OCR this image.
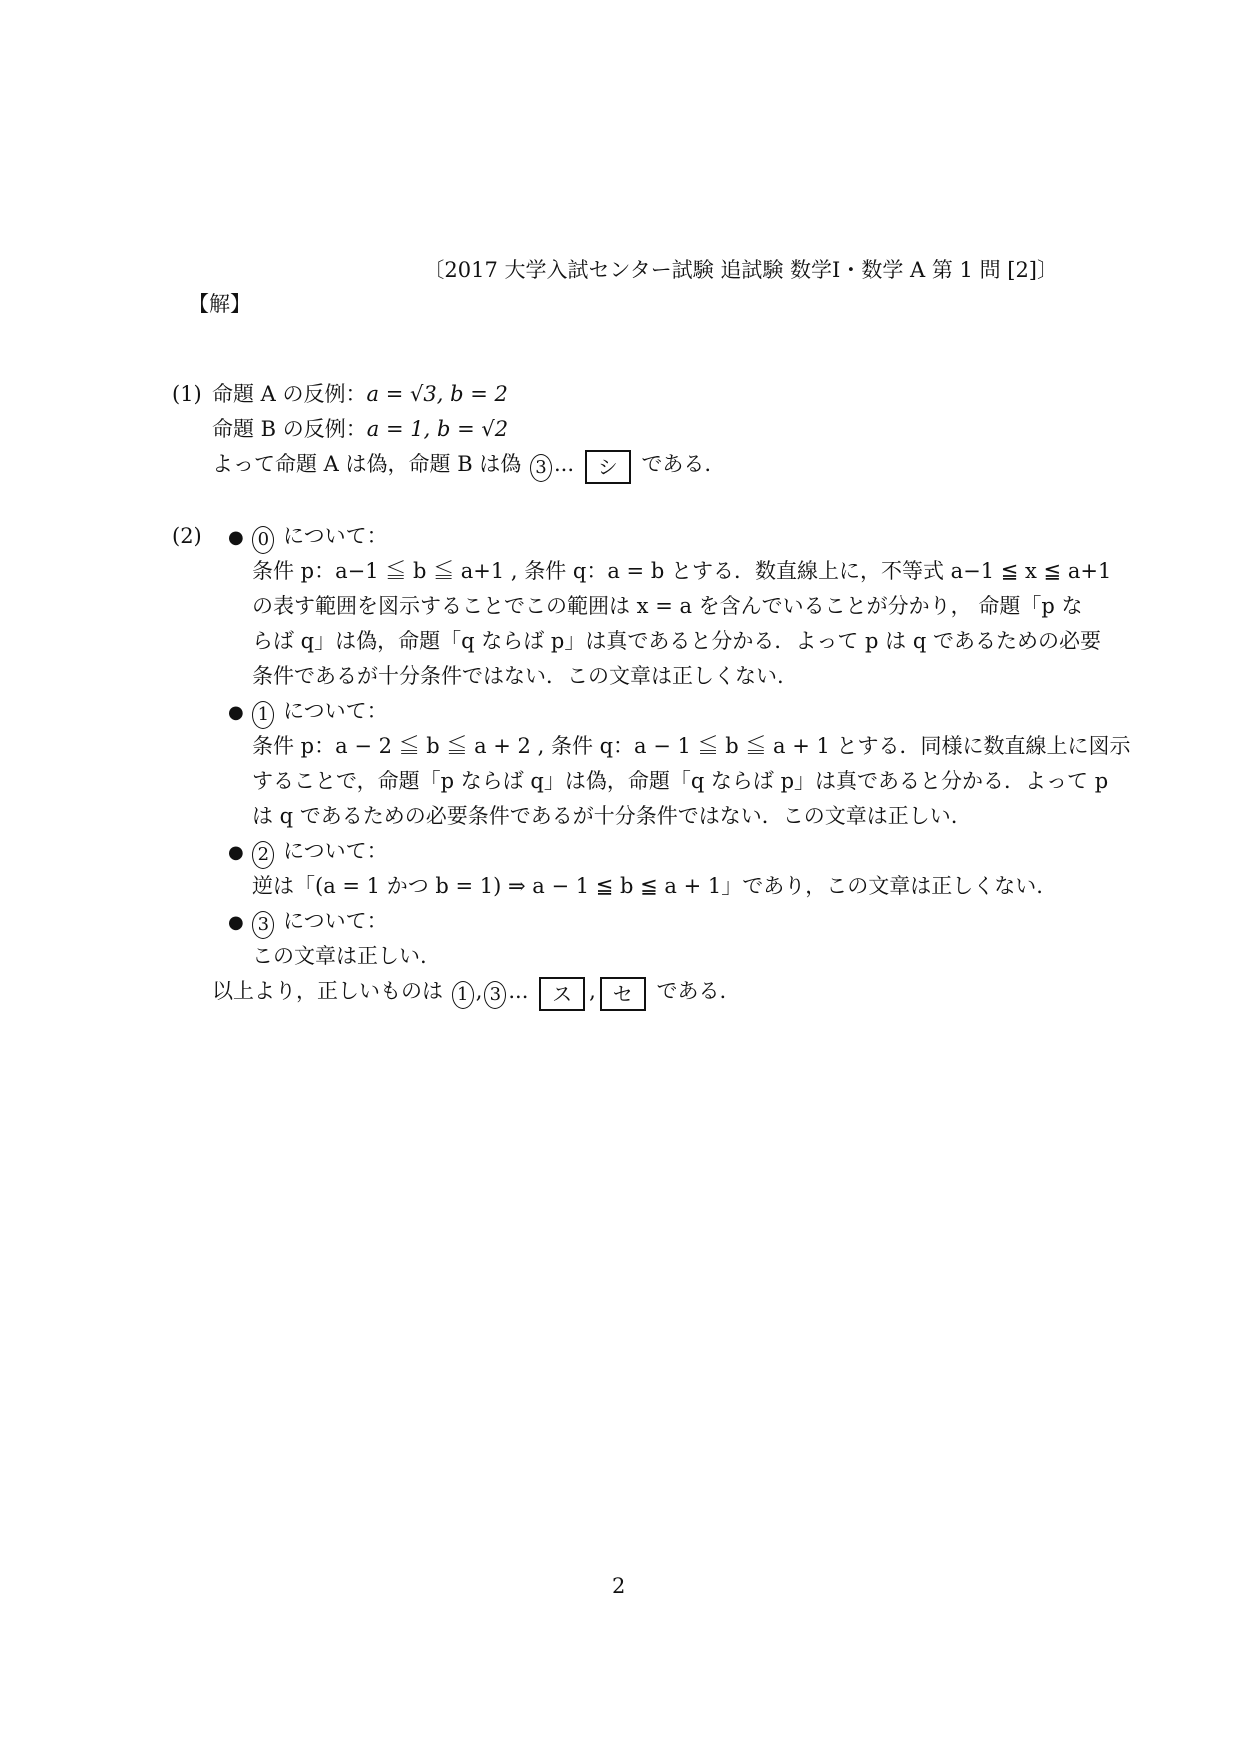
〔2017 大学入試センター試験 追試験 数学Ⅰ・数学 A 第 1 問 [2]〕
【解】
(1) 命題 A の反例：a = √3, b = 2
命題 B の反例：a = 1, b = √2
よって命題 A は偽，命題 B は偽 3 ... シ である.
(2) ● 0 について：
条件 p：a−1 ≦ b ≦ a+1 , 条件 q：a = b とする．数直線上に，不等式 a−1 ≦ x ≦ a+1
の表す範囲を図示することでこの範囲は x = a を含んでいることが分かり， 命題「p な
らば q」は偽，命題「q ならば p」は真であると分かる．よって p は q であるための必要
条件であるが十分条件ではない．この文章は正しくない.
● 1 について：
条件 p：a − 2 ≦ b ≦ a + 2 , 条件 q：a − 1 ≦ b ≦ a + 1 とする．同様に数直線上に図示
することで，命題「p ならば q」は偽，命題「q ならば p」は真であると分かる．よって p
は q であるための必要条件であるが十分条件ではない．この文章は正しい.
● 2 について：
逆は「(a = 1 かつ b = 1) ⇒ a − 1 ≦ b ≦ a + 1」であり，この文章は正しくない.
● 3 について：
この文章は正しい.
以上より，正しいものは 1 , 3 ... ス , セ である.
2
